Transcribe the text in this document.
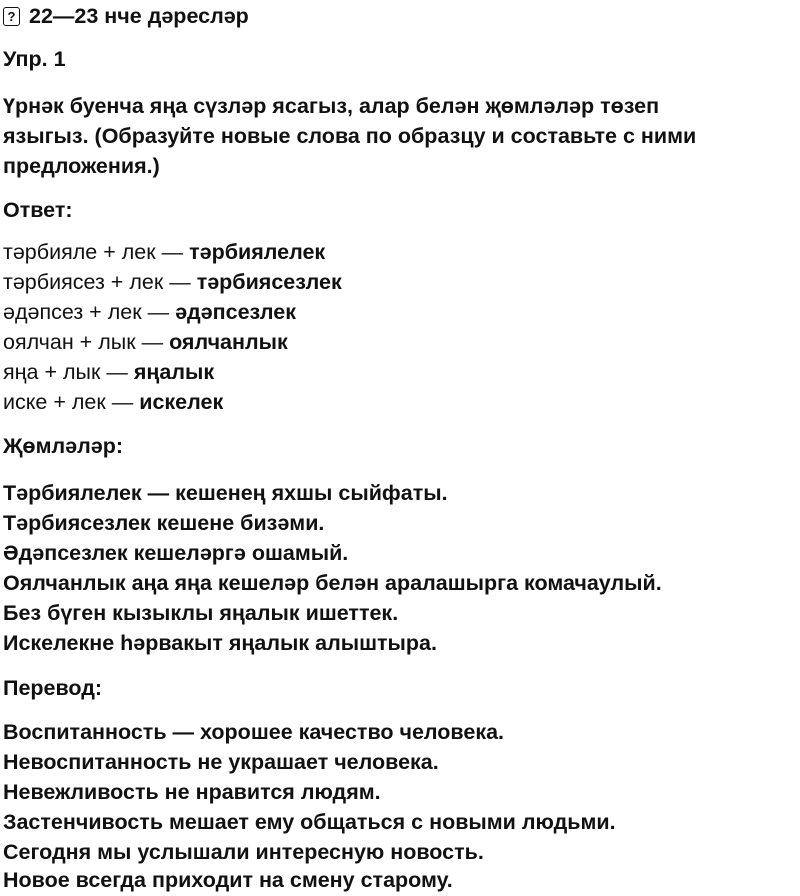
? 22—23 нче дәресләр
Упр. 1
Үрнәк буенча яңа сүзләр ясагыз, алар белән җөмләләр төзеп
языгыз. (Образуйте новые слова по образцу и составьте с ними
предложения.)
Ответ:
тәрбияле + лек — тәрбиялелек
тәрбиясез + лек — тәрбиясезлек
әдәпсез + лек — әдәпсезлек
оялчан + лык — оялчанлык
яңа + лык — яңалык
иске + лек — искелек
Җөмләләр:
Тәрбиялелек — кешенең яхшы сыйфаты.
Тәрбиясезлек кешене бизәми.
Әдәпсезлек кешеләргә ошамый.
Оялчанлык аңа яңа кешеләр белән аралашырга комачаулый.
Без бүген кызыклы яңалык ишеттек.
Искелекне һәрвакыт яңалык алыштыра.
Перевод:
Воспитанность — хорошее качество человека.
Невоспитанность не украшает человека.
Невежливость не нравится людям.
Застенчивость мешает ему общаться с новыми людьми.
Сегодня мы услышали интересную новость.
Новое всегда приходит на смену старому.
